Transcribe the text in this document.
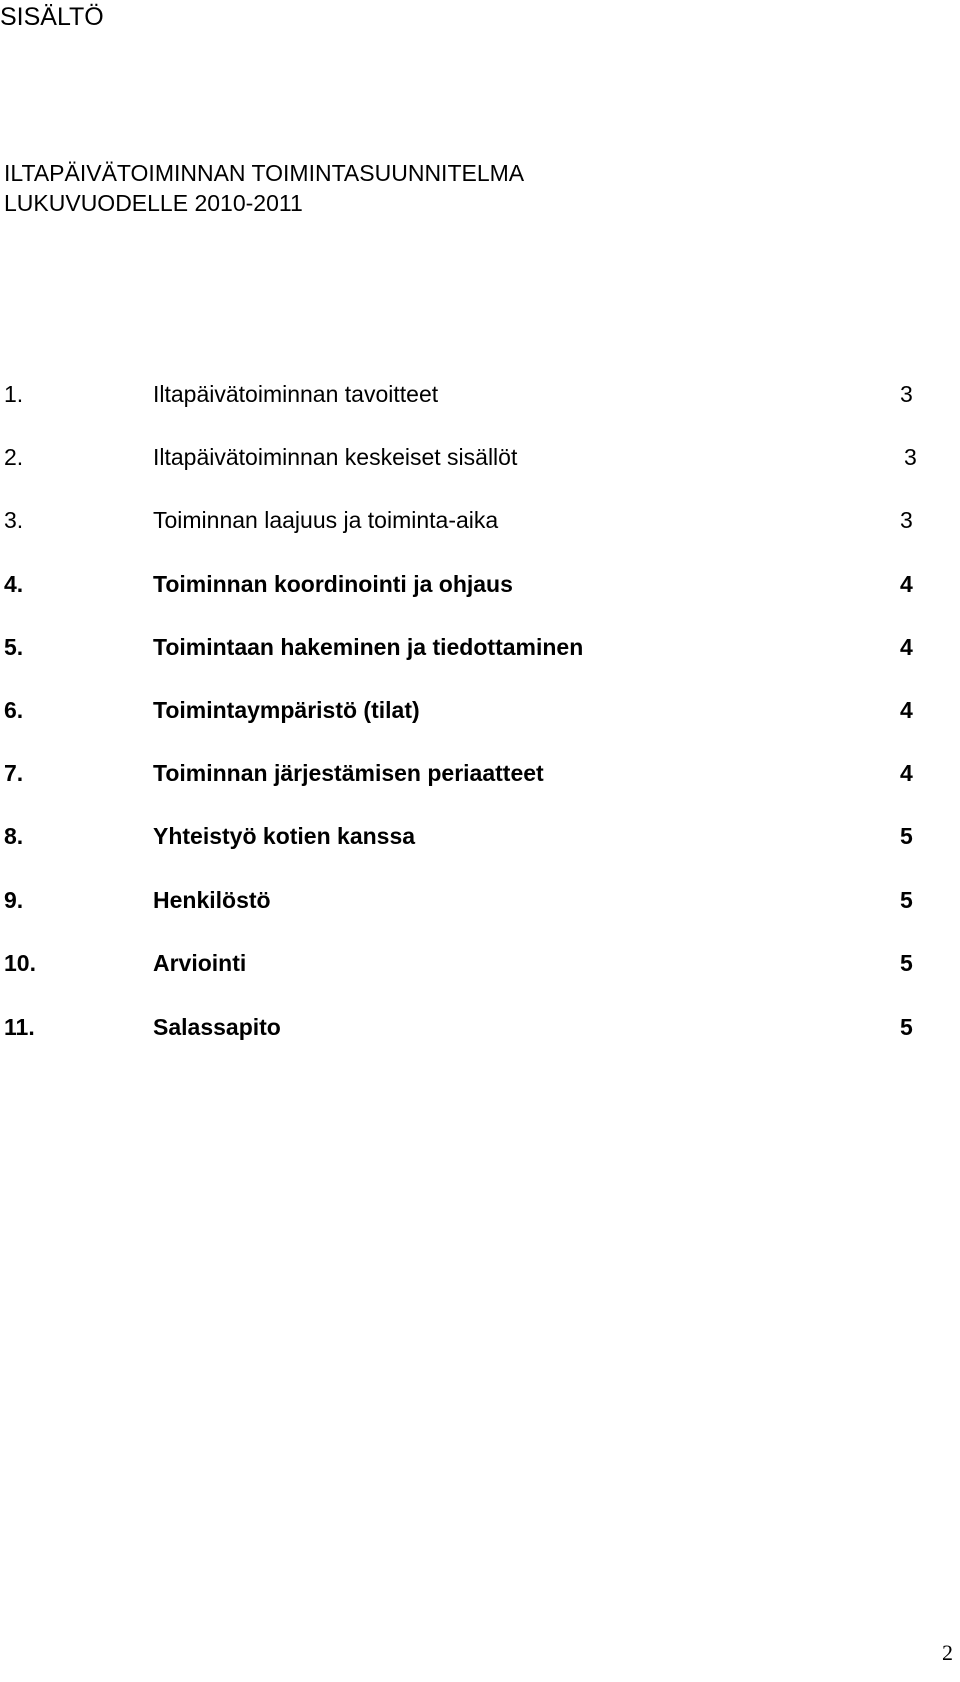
SISÄLTÖ
ILTAPÄIVÄTOIMINNAN TOIMINTASUUNNITELMA
LUKUVUODELLE 2010-2011
1.	Iltapäivätoiminnan tavoitteet	3
2.	Iltapäivätoiminnan keskeiset sisällöt	3
3.	Toiminnan laajuus ja toiminta-aika	3
4.	Toiminnan koordinointi ja ohjaus	4
5.	Toimintaan hakeminen ja tiedottaminen	4
6.	Toimintaympäristö (tilat)	4
7.	Toiminnan järjestämisen periaatteet	4
8.	Yhteistyö kotien kanssa	5
9.	Henkilöstö	5
10.	Arviointi	5
11.	Salassapito	5
2
